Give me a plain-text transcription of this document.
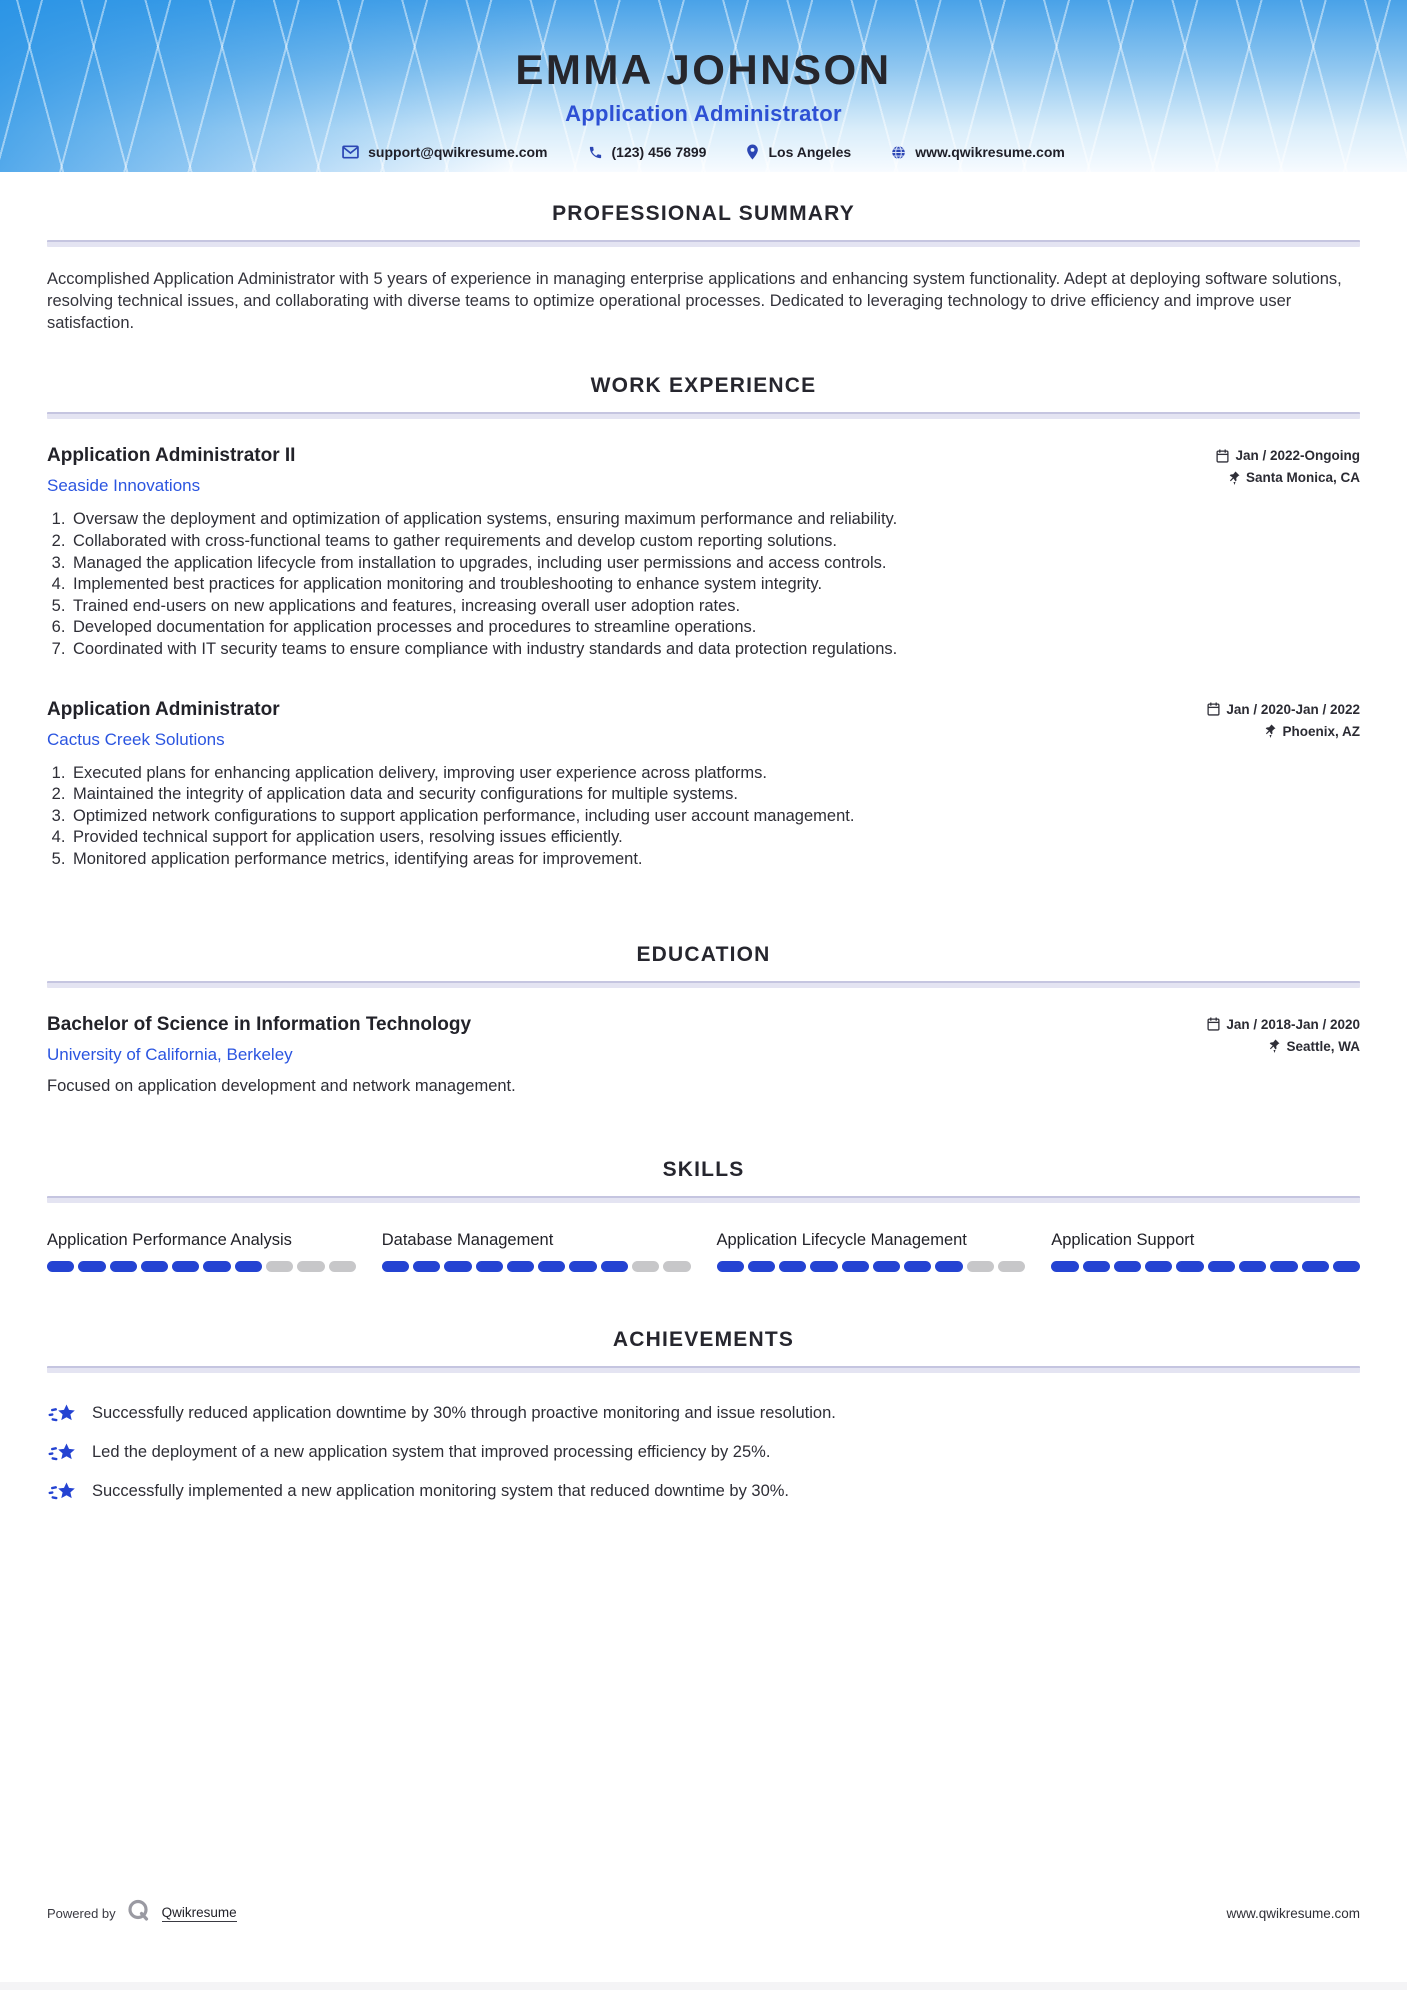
EMMA JOHNSON
Application Administrator
support@qwikresume.com	(123) 456 7899	Los Angeles	www.qwikresume.com
PROFESSIONAL SUMMARY

Accomplished Application Administrator with 5 years of experience in managing enterprise applications and enhancing system functionality. Adept at deploying software solutions, resolving technical issues, and collaborating with diverse teams to optimize operational processes. Dedicated to leveraging technology to drive efficiency and improve user satisfaction.

WORK EXPERIENCE
Application Administrator II
Seaside Innovations
Jan / 2022-Ongoing
Santa Monica, CA
1. Oversaw the deployment and optimization of application systems, ensuring maximum performance and reliability.
2. Collaborated with cross-functional teams to gather requirements and develop custom reporting solutions.
3. Managed the application lifecycle from installation to upgrades, including user permissions and access controls.
4. Implemented best practices for application monitoring and troubleshooting to enhance system integrity.
5. Trained end-users on new applications and features, increasing overall user adoption rates.
6. Developed documentation for application processes and procedures to streamline operations.
7. Coordinated with IT security teams to ensure compliance with industry standards and data protection regulations.
Application Administrator
Cactus Creek Solutions
Jan / 2020-Jan / 2022
Phoenix, AZ
1. Executed plans for enhancing application delivery, improving user experience across platforms.
2. Maintained the integrity of application data and security configurations for multiple systems.
3. Optimized network configurations to support application performance, including user account management.
4. Provided technical support for application users, resolving issues efficiently.
5. Monitored application performance metrics, identifying areas for improvement.
EDUCATION
Bachelor of Science in Information Technology
University of California, Berkeley
Jan / 2018-Jan / 2020
Seattle, WA

Focused on application development and network management.

SKILLS
Application Performance Analysis	Database Management	Application Lifecycle Management	Application Support
ACHIEVEMENTS
Successfully reduced application downtime by 30% through proactive monitoring and issue resolution.
Led the deployment of a new application system that improved processing efficiency by 25%.
Successfully implemented a new application monitoring system that reduced downtime by 30%.
Powered by	Qwikresume	www.qwikresume.com
